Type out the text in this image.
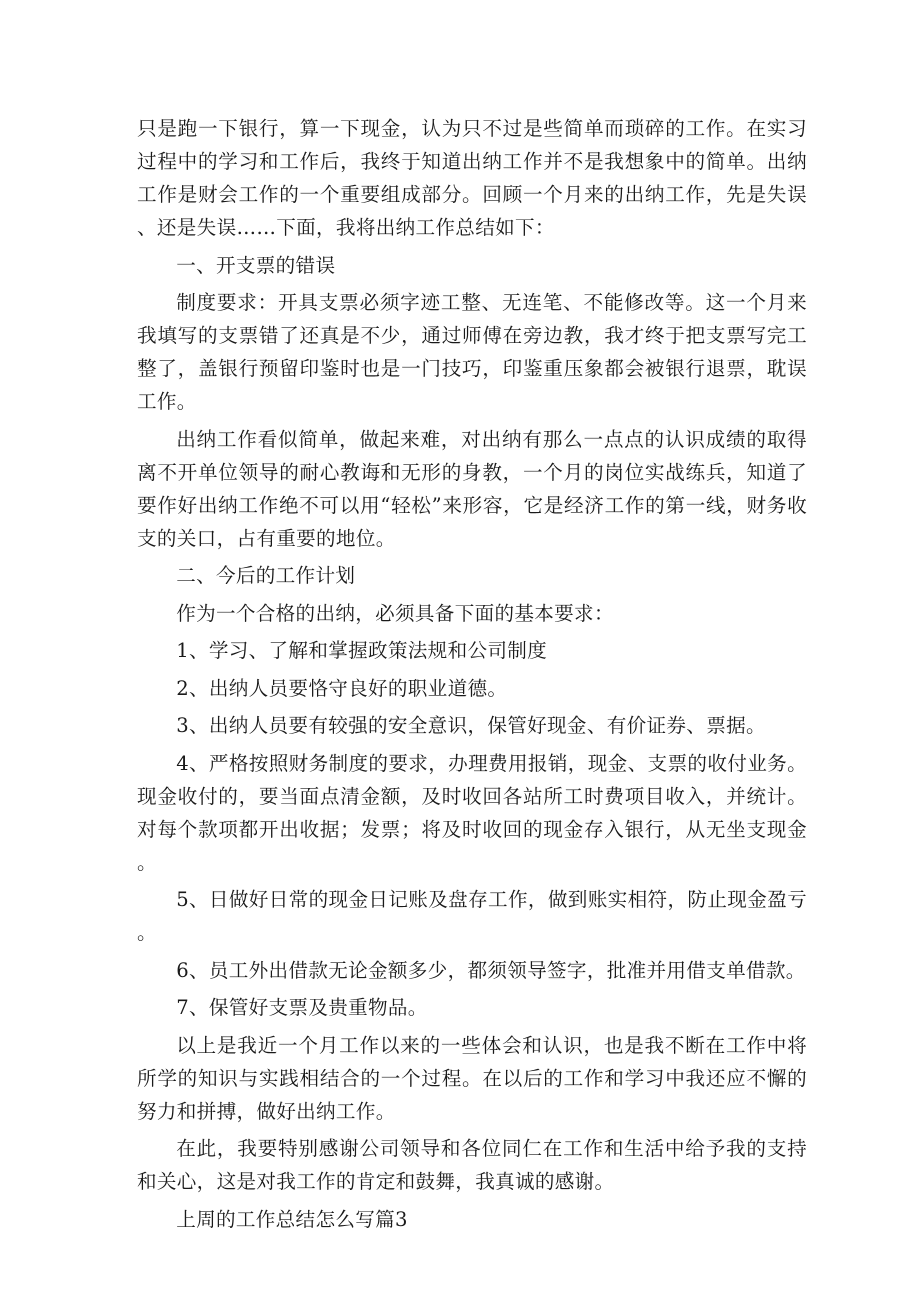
只是跑一下银行，算一下现金，认为只不过是些简单而琐碎的工作。在实习过程中的学习和工作后，我终于知道出纳工作并不是我想象中的简单。出纳工作是财会工作的一个重要组成部分。回顾一个月来的出纳工作，先是失误、还是失误……下面，我将出纳工作总结如下：

一、开支票的错误

制度要求：开具支票必须字迹工整、无连笔、不能修改等。这一个月来我填写的支票错了还真是不少，通过师傅在旁边教，我才终于把支票写完工整了，盖银行预留印鉴时也是一门技巧，印鉴重压象都会被银行退票，耽误工作。

出纳工作看似简单，做起来难，对出纳有那么一点点的认识成绩的取得离不开单位领导的耐心教诲和无形的身教，一个月的岗位实战练兵，知道了要作好出纳工作绝不可以用“轻松”来形容，它是经济工作的第一线，财务收支的关口，占有重要的地位。

二、今后的工作计划

作为一个合格的出纳，必须具备下面的基本要求：

1、学习、了解和掌握政策法规和公司制度

2、出纳人员要恪守良好的职业道德。

3、出纳人员要有较强的安全意识，保管好现金、有价证券、票据。

4、严格按照财务制度的要求，办理费用报销，现金、支票的收付业务。现金收付的，要当面点清金额，及时收回各站所工时费项目收入，并统计。对每个款项都开出收据；发票；将及时收回的现金存入银行，从无坐支现金。

5、日做好日常的现金日记账及盘存工作，做到账实相符，防止现金盈亏。

6、员工外出借款无论金额多少，都须领导签字，批准并用借支单借款。

7、保管好支票及贵重物品。

以上是我近一个月工作以来的一些体会和认识，也是我不断在工作中将所学的知识与实践相结合的一个过程。在以后的工作和学习中我还应不懈的努力和拼搏，做好出纳工作。

在此，我要特别感谢公司领导和各位同仁在工作和生活中给予我的支持和关心，这是对我工作的肯定和鼓舞，我真诚的感谢。

上周的工作总结怎么写篇3
